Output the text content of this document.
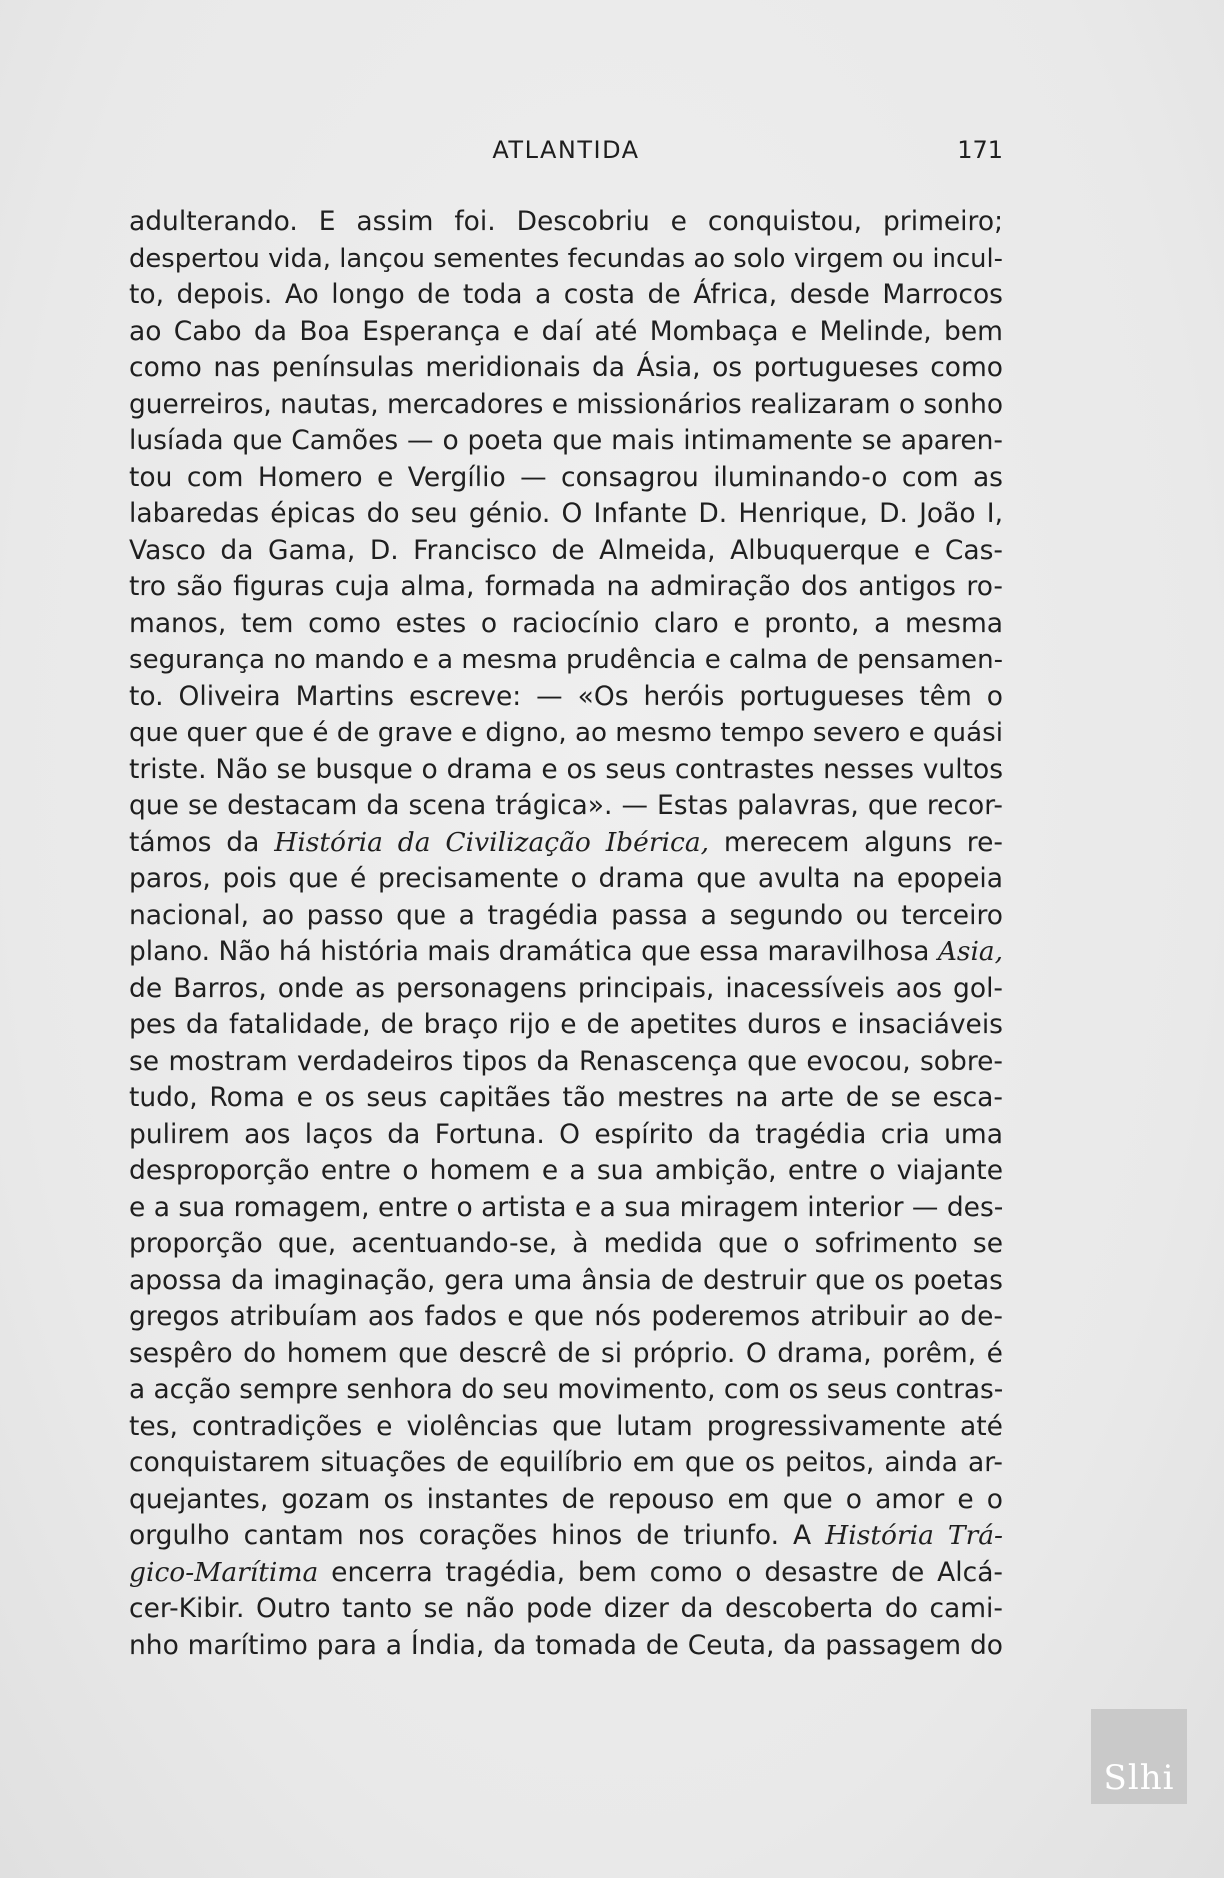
ATLANTIDA	171
adulterando. E assim foi. Descobriu e conquistou, primeiro;
despertou vida, lançou sementes fecundas ao solo virgem ou incul-
to, depois. Ao longo de toda a costa de África, desde Marrocos
ao Cabo da Boa Esperança e daí até Mombaça e Melinde, bem
como nas penínsulas meridionais da Ásia, os portugueses como
guerreiros, nautas, mercadores e missionários realizaram o sonho
lusíada que Camões — o poeta que mais intimamente se aparen-
tou com Homero e Vergílio — consagrou iluminando-o com as
labaredas épicas do seu génio. O Infante D. Henrique, D. João I,
Vasco da Gama, D. Francisco de Almeida, Albuquerque e Cas-
tro são figuras cuja alma, formada na admiração dos antigos ro-
manos, tem como estes o raciocínio claro e pronto, a mesma
segurança no mando e a mesma prudência e calma de pensamen-
to. Oliveira Martins escreve: — «Os heróis portugueses têm o
que quer que é de grave e digno, ao mesmo tempo severo e quási
triste. Não se busque o drama e os seus contrastes nesses vultos
que se destacam da scena trágica». — Estas palavras, que recor-
támos da História da Civilização Ibérica, merecem alguns re-
paros, pois que é precisamente o drama que avulta na epopeia
nacional, ao passo que a tragédia passa a segundo ou terceiro
plano. Não há história mais dramática que essa maravilhosa Asia,
de Barros, onde as personagens principais, inacessíveis aos gol-
pes da fatalidade, de braço rijo e de apetites duros e insaciáveis
se mostram verdadeiros tipos da Renascença que evocou, sobre-
tudo, Roma e os seus capitães tão mestres na arte de se esca-
pulirem aos laços da Fortuna. O espírito da tragédia cria uma
desproporção entre o homem e a sua ambição, entre o viajante
e a sua romagem, entre o artista e a sua miragem interior — des-
proporção que, acentuando-se, à medida que o sofrimento se
apossa da imaginação, gera uma ânsia de destruir que os poetas
gregos atribuíam aos fados e que nós poderemos atribuir ao de-
sespêro do homem que descrê de si próprio. O drama, porêm, é
a acção sempre senhora do seu movimento, com os seus contras-
tes, contradições e violências que lutam progressivamente até
conquistarem situações de equilíbrio em que os peitos, ainda ar-
quejantes, gozam os instantes de repouso em que o amor e o
orgulho cantam nos corações hinos de triunfo. A História Trá-
gico-Marítima encerra tragédia, bem como o desastre de Alcá-
cer-Kibir. Outro tanto se não pode dizer da descoberta do cami-
nho marítimo para a Índia, da tomada de Ceuta, da passagem do
Slhi
